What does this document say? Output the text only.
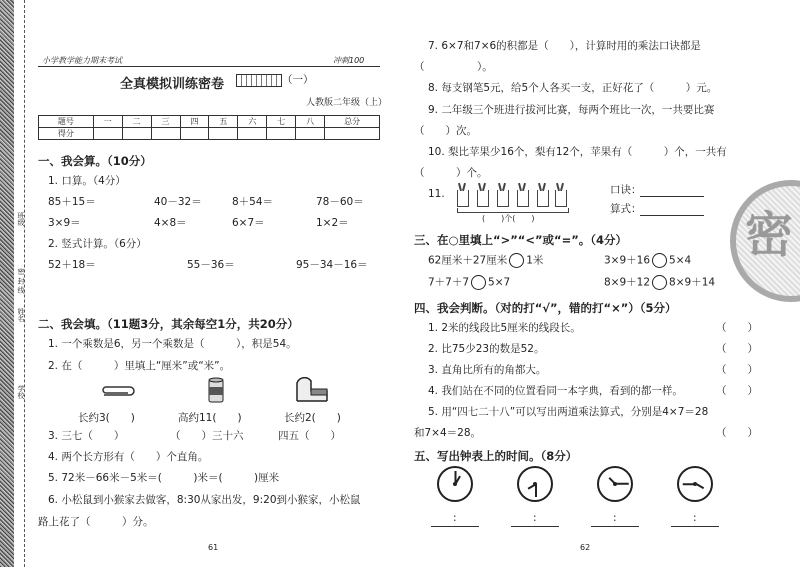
班级
密 封 线
姓名
学校
小学教学能力期末考试	冲刺100
全真模拟训练密卷	（一）
人教版二年级（上）
题号	一	二	三	四	五	六	七	八	总分
得分									
一、我会算。（10分）
1. 口算。（4分）
85＋15＝	40－32＝	8＋54＝	78－60＝
3×9＝	4×8＝	6×7＝	1×2＝
2. 竖式计算。（6分）
52＋18＝	55－36＝	95－34－16＝
二、我会填。（11题3分，其余每空1分，共20分）
1. 一个乘数是6，另一个乘数是（　　　），积是54。
2. 在（　　　）里填上“厘米”或“米”。
长约3(　　)	高约11(　　)	长约2(　　)
3. 三七（　　）	（　　）三十六	四五（　　）
4. 两个长方形有（　　）个直角。
5. 72米－66米－5米＝(　　　)米＝(　　　)厘米
6. 小松鼠到小猴家去做客，8:30从家出发，9:20到小猴家，小松鼠
路上花了（　　　）分。
61
7. 6×7和7×6的积都是（　　），计算时用的乘法口诀都是
（　　　　　）。
8. 每支钢笔5元，给5个人各买一支，正好花了（　　　）元。
9. 二年级三个班进行拔河比赛，每两个班比一次，一共要比赛
（　　）次。
10. 梨比苹果少16个，梨有12个，苹果有（　　　）个，一共有
（　　　）个。
11.
(　　)个(　　)
口诀：
算式： 密
三、在○里填上“>”“<”或“=”。（4分）
62厘米＋27厘米 1米	3×9＋16 5×4
7＋7＋7 5×7	8×9＋12 8×9＋14
四、我会判断。（对的打“√”，错的打“×”）（5分）
1. 2米的线段比5厘米的线段长。	（　　）
2. 比75少23的数是52。	（　　）
3. 直角比所有的角都大。	（　　）
4. 我们站在不同的位置看同一本字典，看到的都一样。	（　　）
5. 用“四七二十八”可以写出两道乘法算式，分别是4×7＝28
和7×4＝28。	（　　）
五、写出钟表上的时间。（8分）
:	:	:	:
62
